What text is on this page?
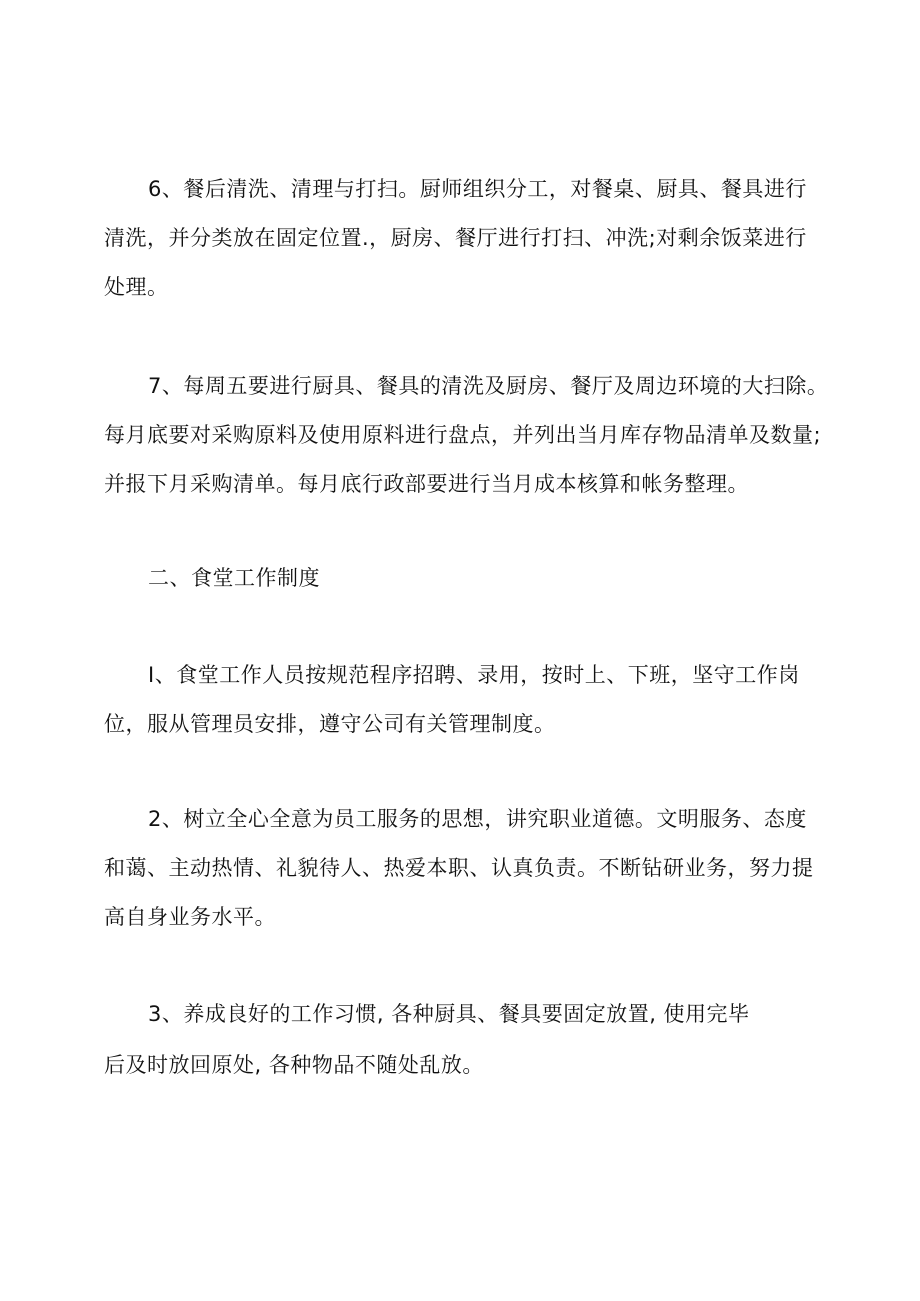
6、餐后清洗、清理与打扫。厨师组织分工，对餐桌、厨具、餐具进行

清洗，并分类放在固定位置.，厨房、餐厅进行打扫、冲洗;对剩余饭菜进行

处理。

7、每周五要进行厨具、餐具的清洗及厨房、餐厅及周边环境的大扫除。

每月底要对采购原料及使用原料进行盘点，并列出当月库存物品清单及数量;

并报下月采购清单。每月底行政部要进行当月成本核算和帐务整理。

二、食堂工作制度

I、食堂工作人员按规范程序招聘、录用，按时上、下班，坚守工作岗

位，服从管理员安排，遵守公司有关管理制度。

2、树立全心全意为员工服务的思想，讲究职业道德。文明服务、态度

和蔼、主动热情、礼貌待人、热爱本职、认真负责。不断钻研业务，努力提

高自身业务水平。

3、养成良好的工作习惯, 各种厨具、餐具要固定放置, 使用完毕

后及时放回原处, 各种物品不随处乱放。
